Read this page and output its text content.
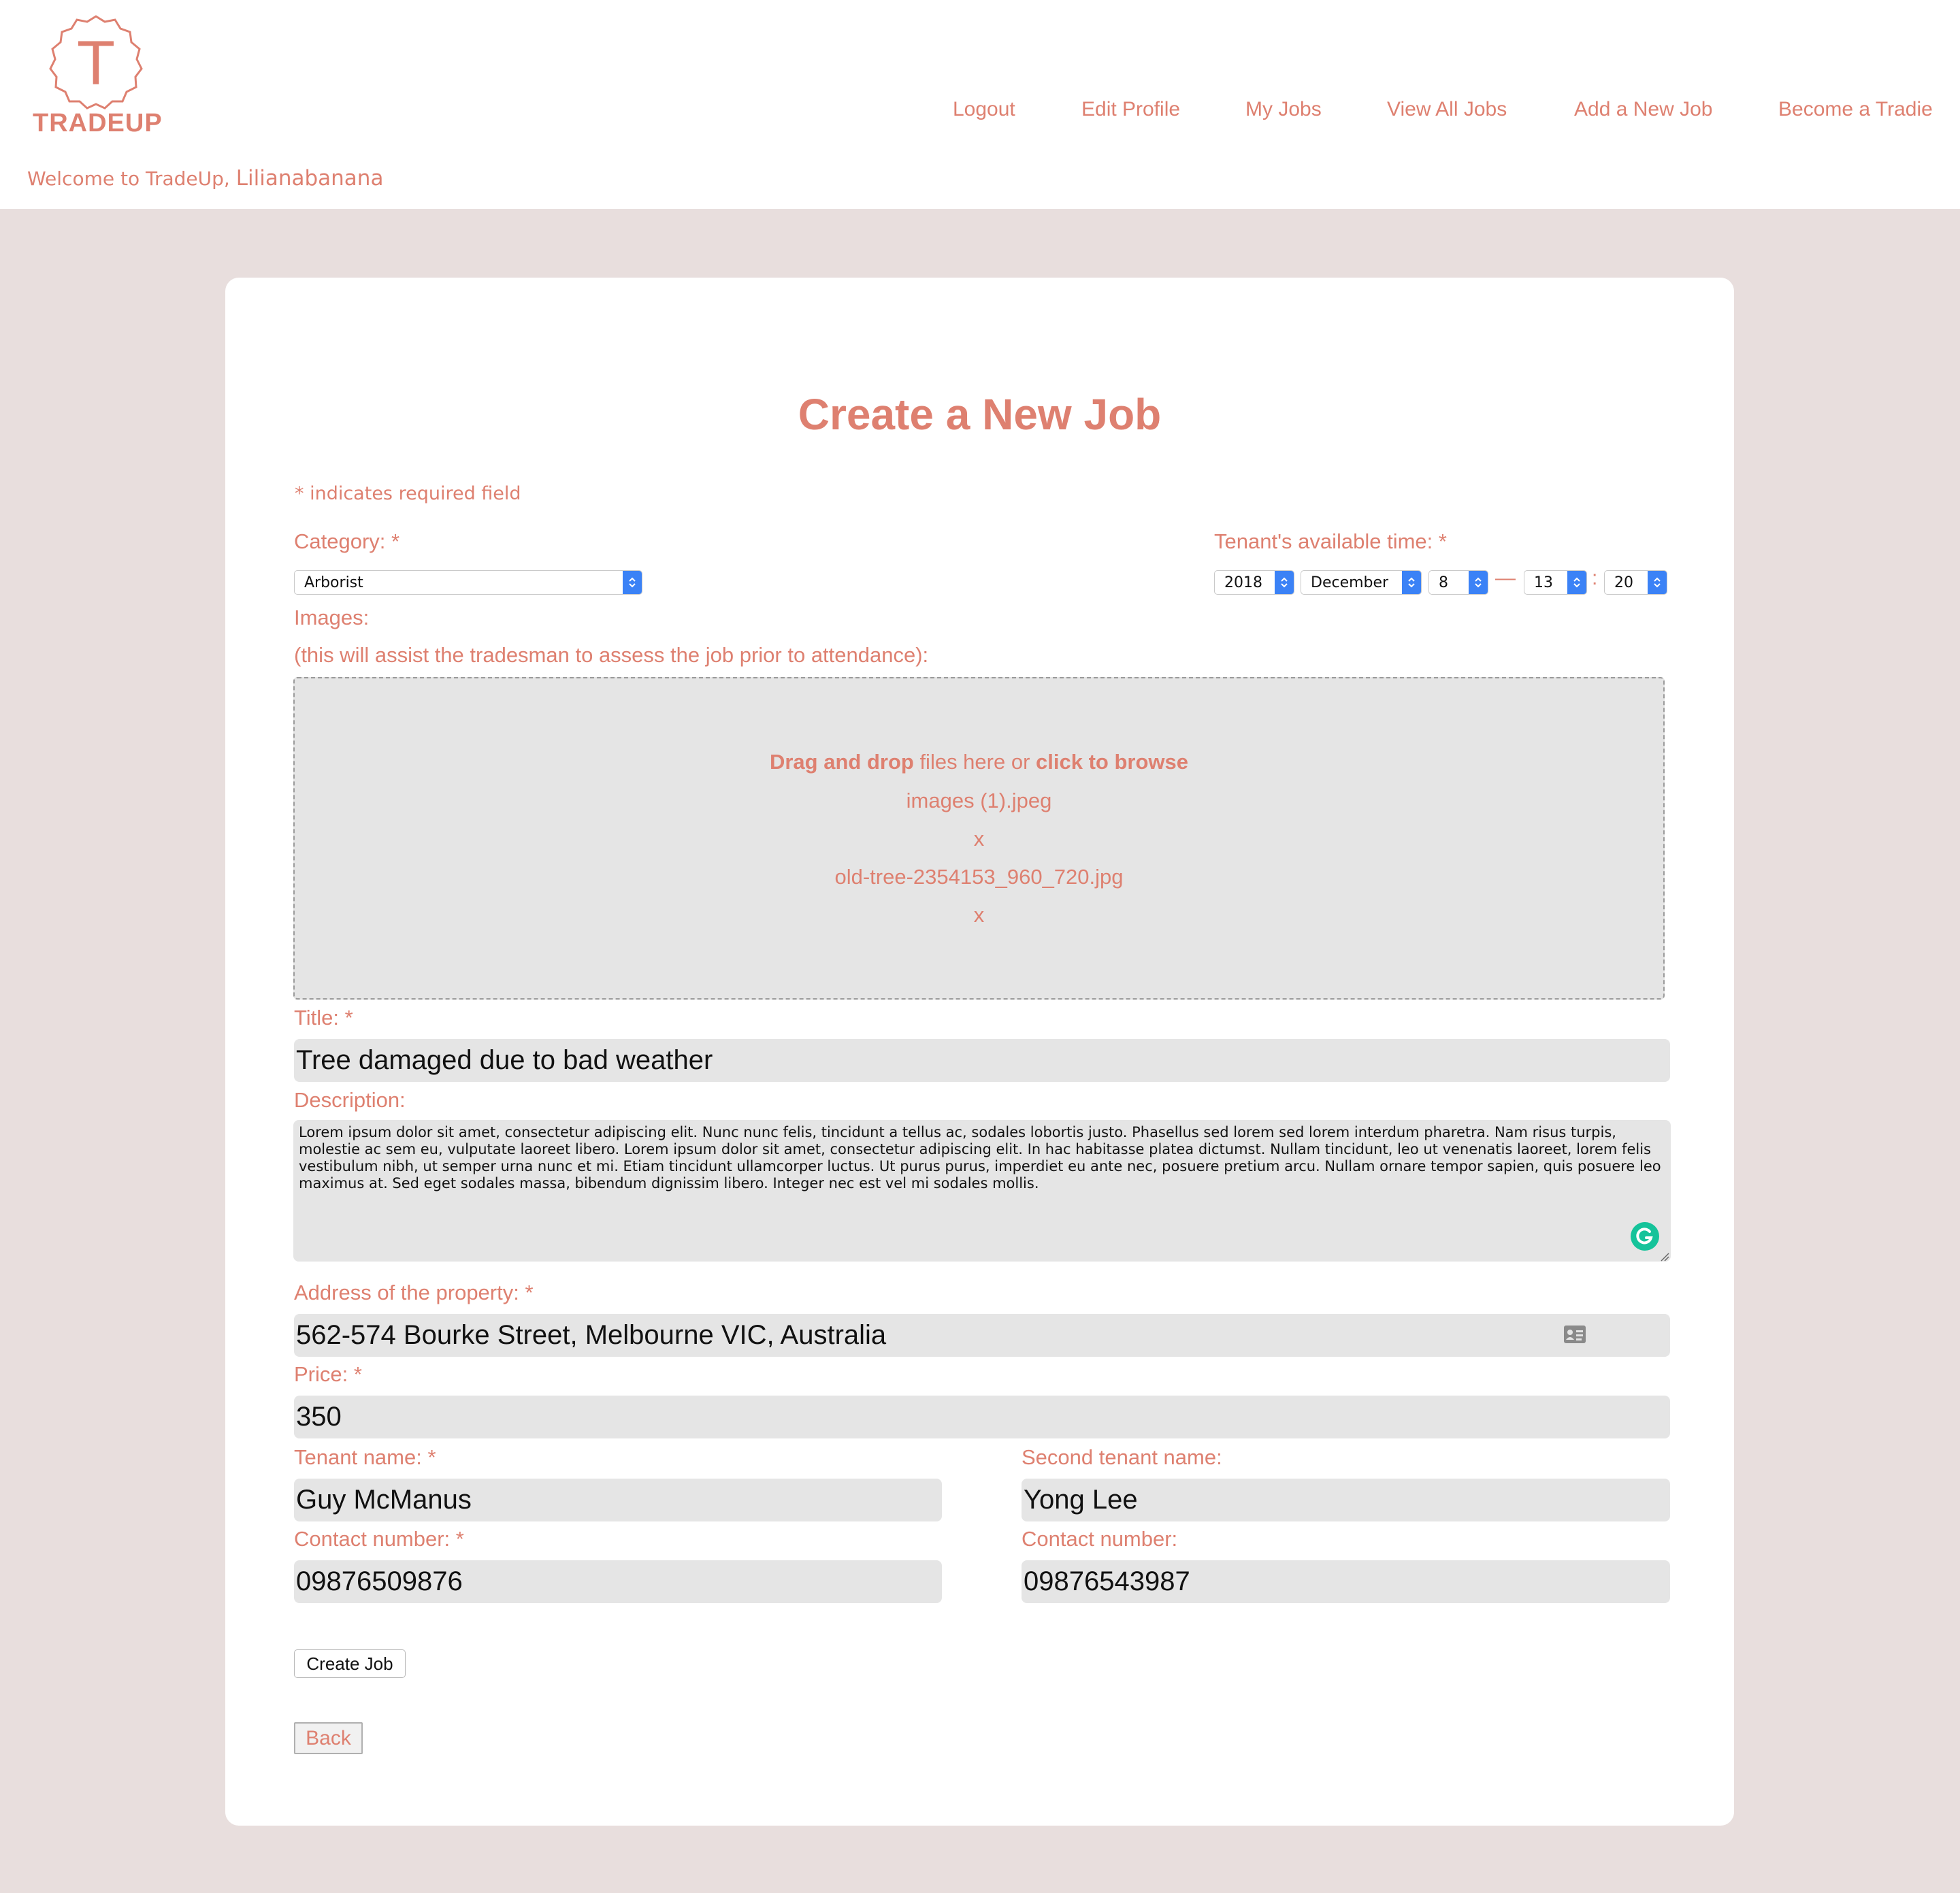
T
TRADEUP
Welcome to TradeUp, Lilianabanana
Logout	Edit Profile	My Jobs	View All Jobs	Add a New Job	Become a Tradie
Create a New Job
* indicates required field
Category: *
Arborist
Tenant's available time: *
2018	December	8 — 13 : 20
Images:
(this will assist the tradesman to assess the job prior to attendance):
Drag and drop files here or click to browse
images (1).jpeg
x
old-tree-2354153_960_720.jpg
x
Title: *
Tree damaged due to bad weather
Description:
Lorem ipsum dolor sit amet, consectetur adipiscing elit. Nunc nunc felis, tincidunt a tellus ac, sodales lobortis justo. Phasellus sed lorem sed lorem interdum pharetra. Nam risus turpis, molestie ac sem eu, vulputate laoreet libero. Lorem ipsum dolor sit amet, consectetur adipiscing elit. In hac habitasse platea dictumst. Nullam tincidunt, leo ut venenatis laoreet, lorem felis vestibulum nibh, ut semper urna nunc et mi. Etiam tincidunt ullamcorper luctus. Ut purus purus, imperdiet eu ante nec, posuere pretium arcu. Nullam ornare tempor sapien, quis posuere leo maximus at. Sed eget sodales massa, bibendum dignissim libero. Integer nec est vel mi sodales mollis.
Address of the property: *
562-574 Bourke Street, Melbourne VIC, Australia
Price: *
350
Tenant name: *	Second tenant name:
Guy McManus	Yong Lee
Contact number: *	Contact number:
09876509876	09876543987
Create Job
Back
